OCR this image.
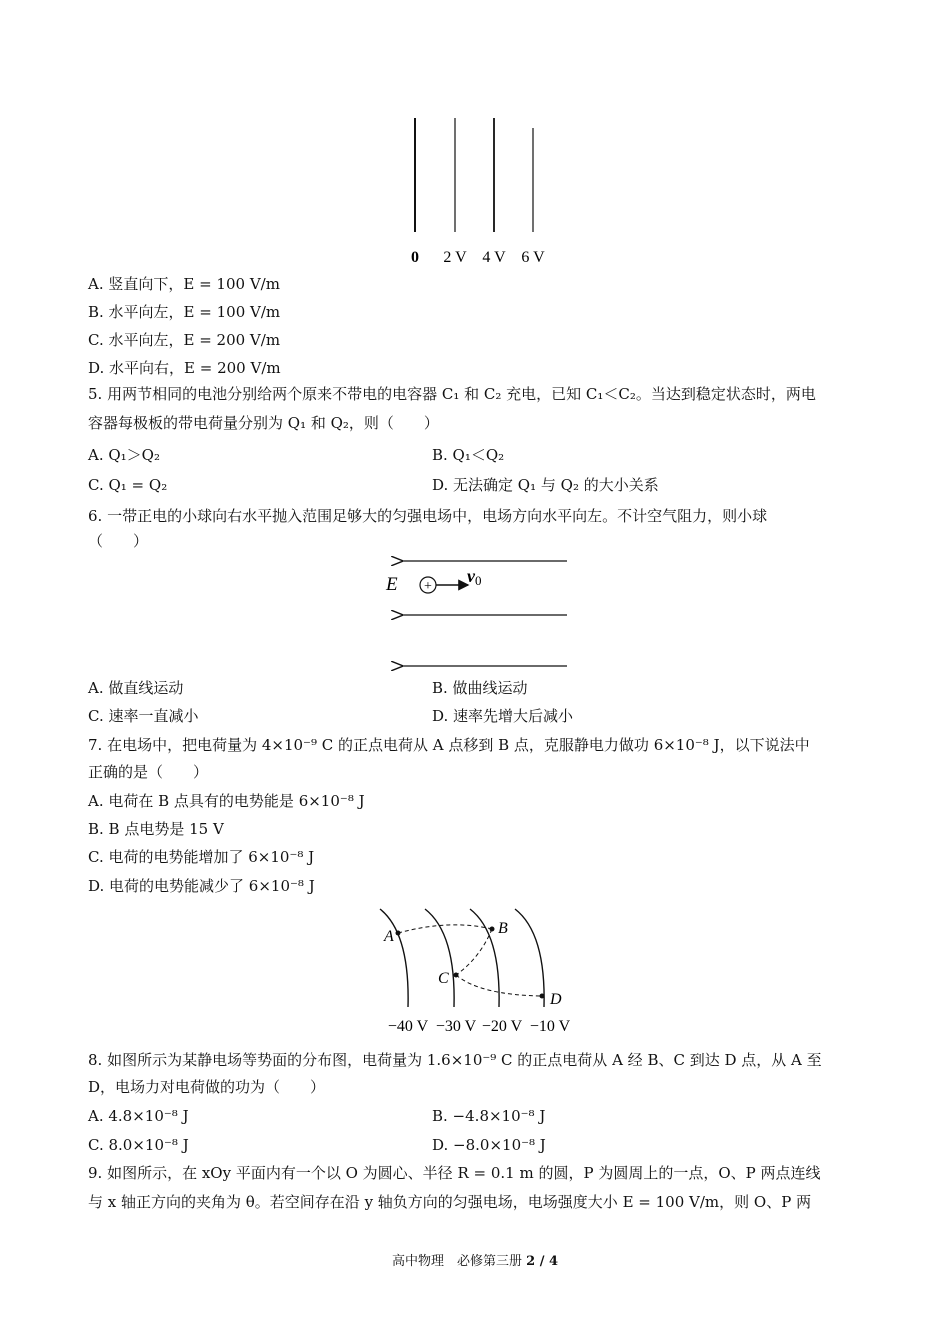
0 2 V 4 V 6 V
A. 竖直向下，E = 100 V/m
B. 水平向左，E = 100 V/m
C. 水平向左，E = 200 V/m
D. 水平向右，E = 200 V/m
5. 用两节相同的电池分别给两个原来不带电的电容器 C₁ 和 C₂ 充电，已知 C₁＜C₂。当达到稳定状态时，两电
容器每极板的带电荷量分别为 Q₁ 和 Q₂，则（　　）
A. Q₁＞Q₂	B. Q₁＜Q₂
C. Q₁ = Q₂	D. 无法确定 Q₁ 与 Q₂ 的大小关系
6. 一带正电的小球向右水平抛入范围足够大的匀强电场中，电场方向水平向左。不计空气阻力，则小球
（　　）
E +
v0
A. 做直线运动	B. 做曲线运动
C. 速率一直减小	D. 速率先增大后减小
7. 在电场中，把电荷量为 4×10⁻⁹ C 的正点电荷从 A 点移到 B 点，克服静电力做功 6×10⁻⁸ J，以下说法中
正确的是（　　）
A. 电荷在 B 点具有的电势能是 6×10⁻⁸ J
B. B 点电势是 15 V
C. 电荷的电势能增加了 6×10⁻⁸ J
D. 电荷的电势能减少了 6×10⁻⁸ J
A	B
C
D
−40 V −30 V −20 V −10 V
8. 如图所示为某静电场等势面的分布图，电荷量为 1.6×10⁻⁹ C 的正点电荷从 A 经 B、C 到达 D 点，从 A 至
D，电场力对电荷做的功为（　　）
A. 4.8×10⁻⁸ J	B. −4.8×10⁻⁸ J
C. 8.0×10⁻⁸ J	D. −8.0×10⁻⁸ J
9. 如图所示，在 xOy 平面内有一个以 O 为圆心、半径 R = 0.1 m 的圆，P 为圆周上的一点，O、P 两点连线
与 x 轴正方向的夹角为 θ。若空间存在沿 y 轴负方向的匀强电场，电场强度大小 E = 100 V/m，则 O、P 两
高中物理　必修第三册 2 / 4
